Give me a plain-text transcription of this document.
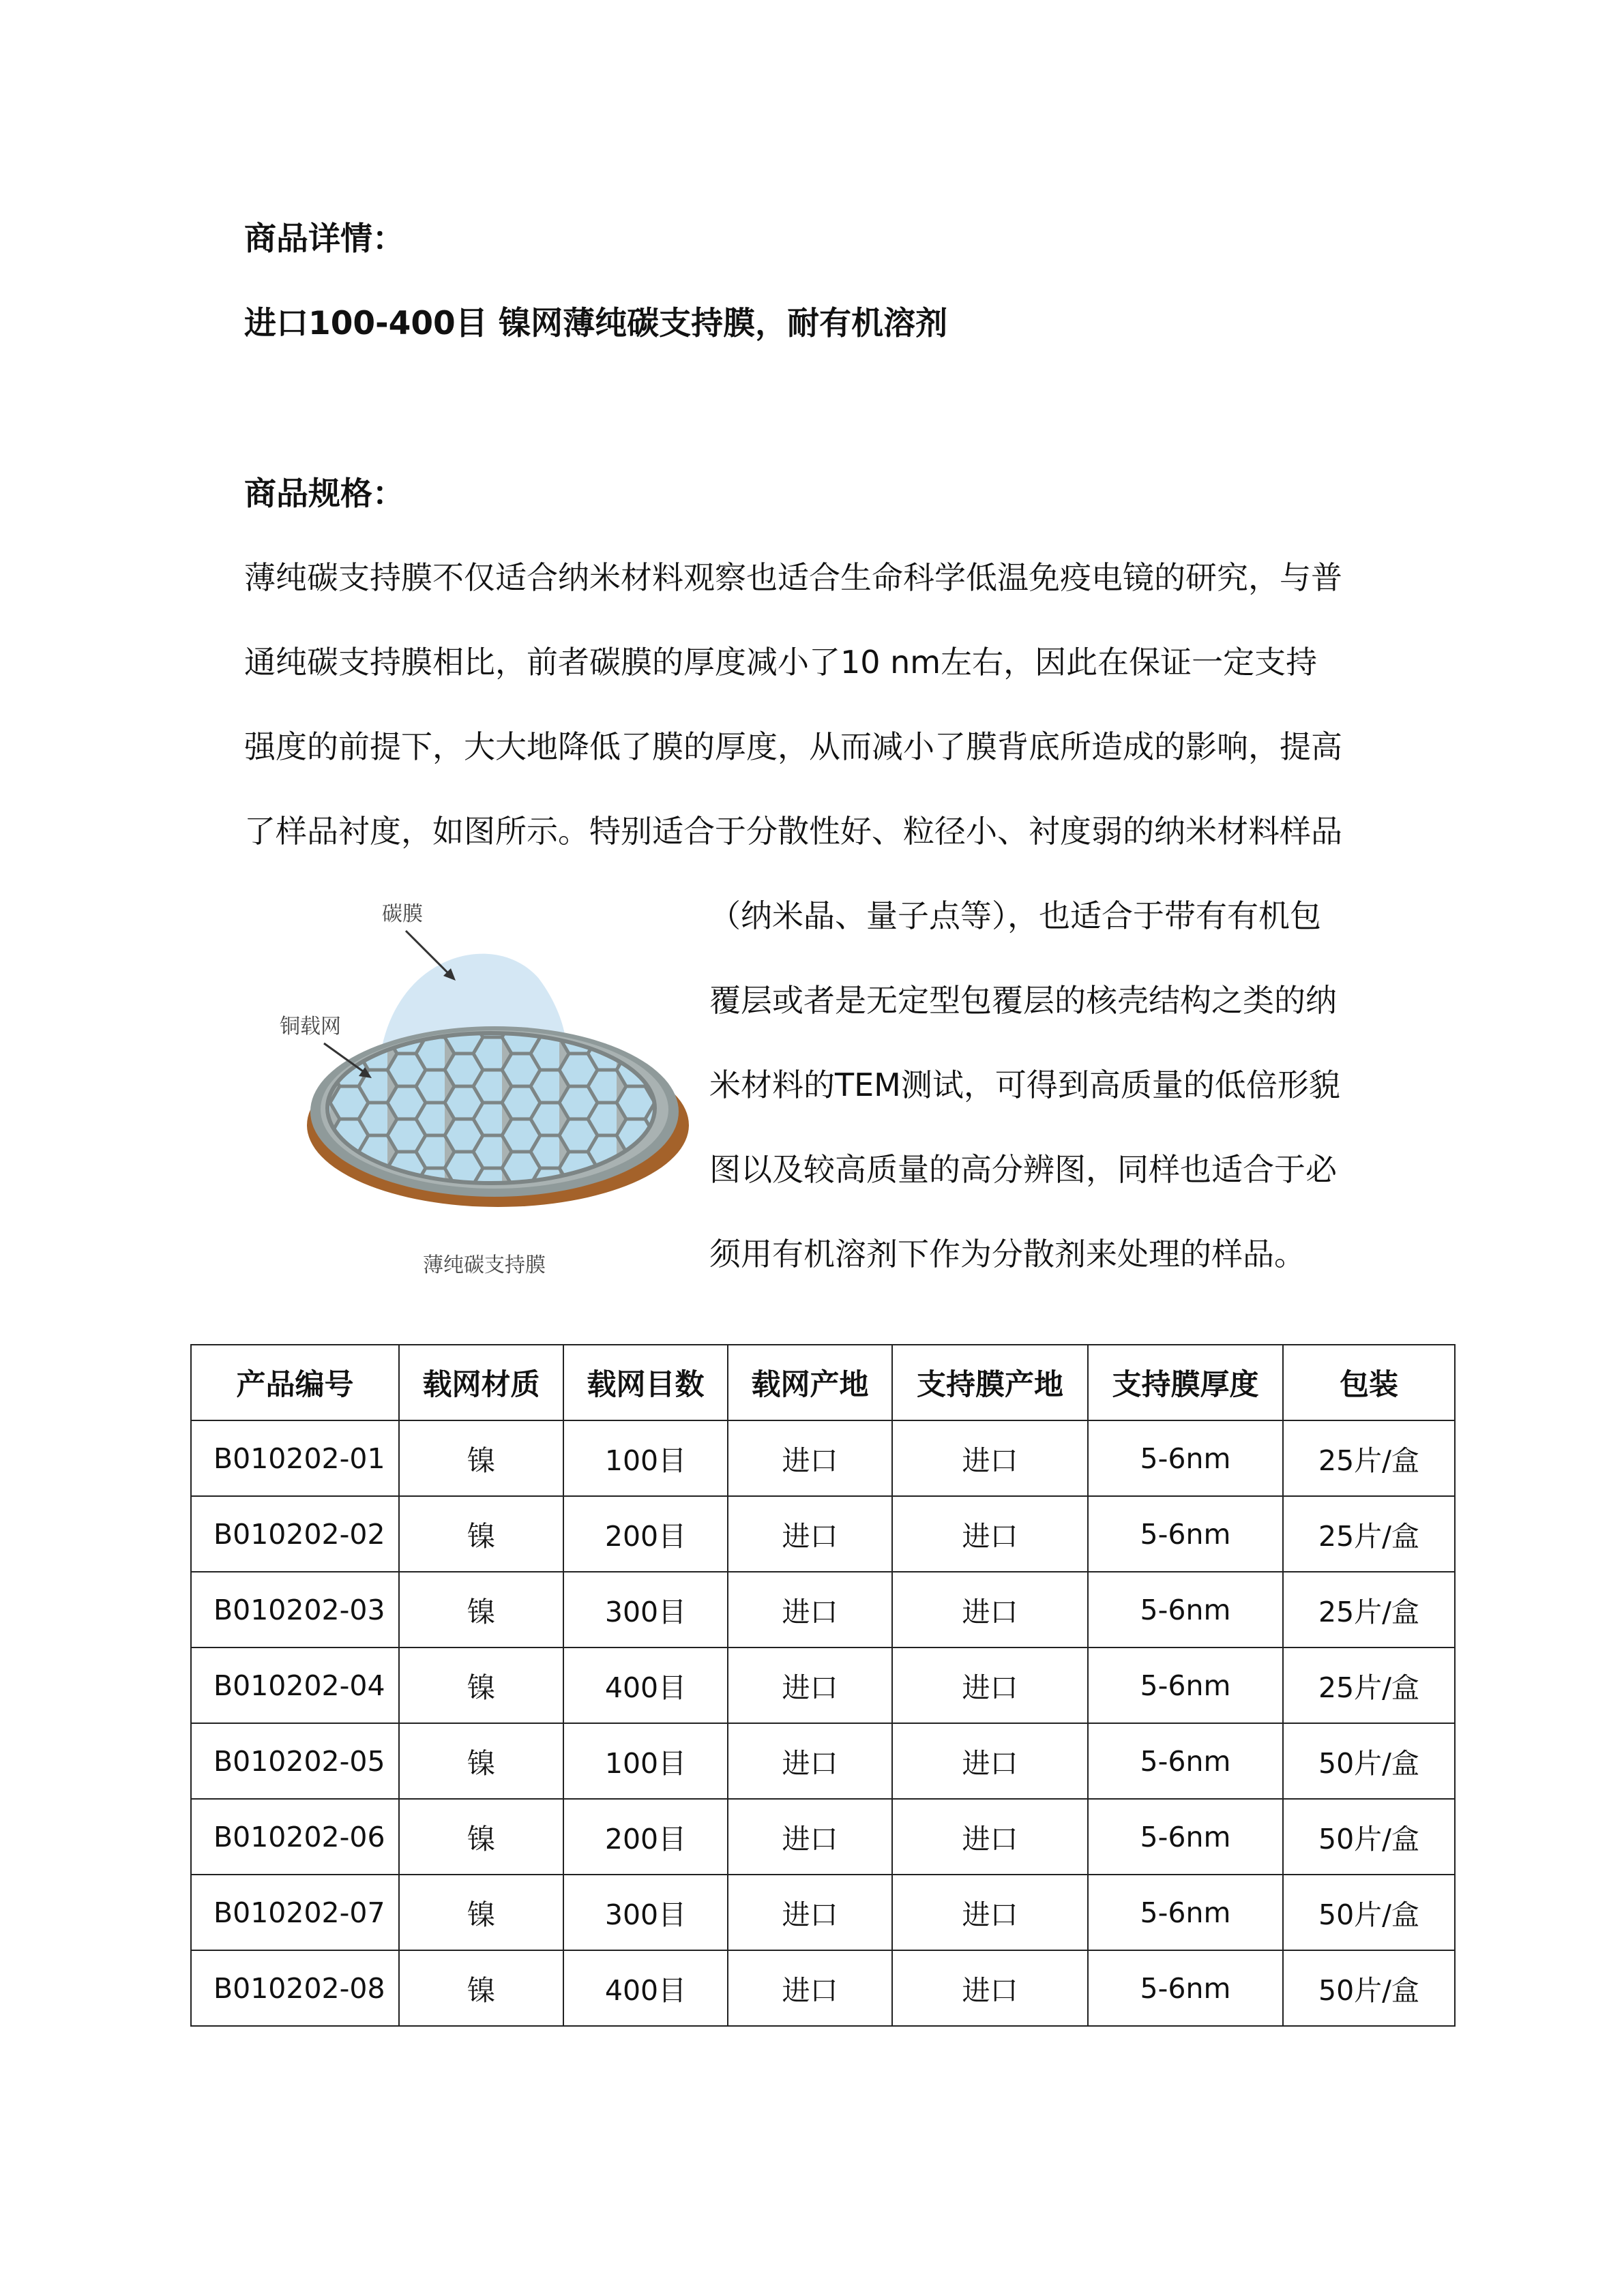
商品详情：
进口100-400目 镍网薄纯碳支持膜，耐有机溶剂
商品规格：
薄纯碳支持膜不仅适合纳米材料观察也适合生命科学低温免疫电镜的研究，与普
通纯碳支持膜相比，前者碳膜的厚度减小了10 nm左右，因此在保证一定支持
强度的前提下，大大地降低了膜的厚度，从而减小了膜背底所造成的影响，提高
了样品衬度，如图所示。特别适合于分散性好、粒径小、衬度弱的纳米材料样品
（纳米晶、量子点等），也适合于带有有机包
覆层或者是无定型包覆层的核壳结构之类的纳
米材料的TEM测试，可得到高质量的低倍形貌
图以及较高质量的高分辨图，同样也适合于必
须用有机溶剂下作为分散剂来处理的样品。
碳膜
铜载网
薄纯碳支持膜
产品编号	载网材质	载网目数	载网产地	支持膜产地	支持膜厚度	包装
B010202-01	镍	100目	进口	进口	5-6nm	25片/盒
B010202-02	镍	200目	进口	进口	5-6nm	25片/盒
B010202-03	镍	300目	进口	进口	5-6nm	25片/盒
B010202-04	镍	400目	进口	进口	5-6nm	25片/盒
B010202-05	镍	100目	进口	进口	5-6nm	50片/盒
B010202-06	镍	200目	进口	进口	5-6nm	50片/盒
B010202-07	镍	300目	进口	进口	5-6nm	50片/盒
B010202-08	镍	400目	进口	进口	5-6nm	50片/盒
